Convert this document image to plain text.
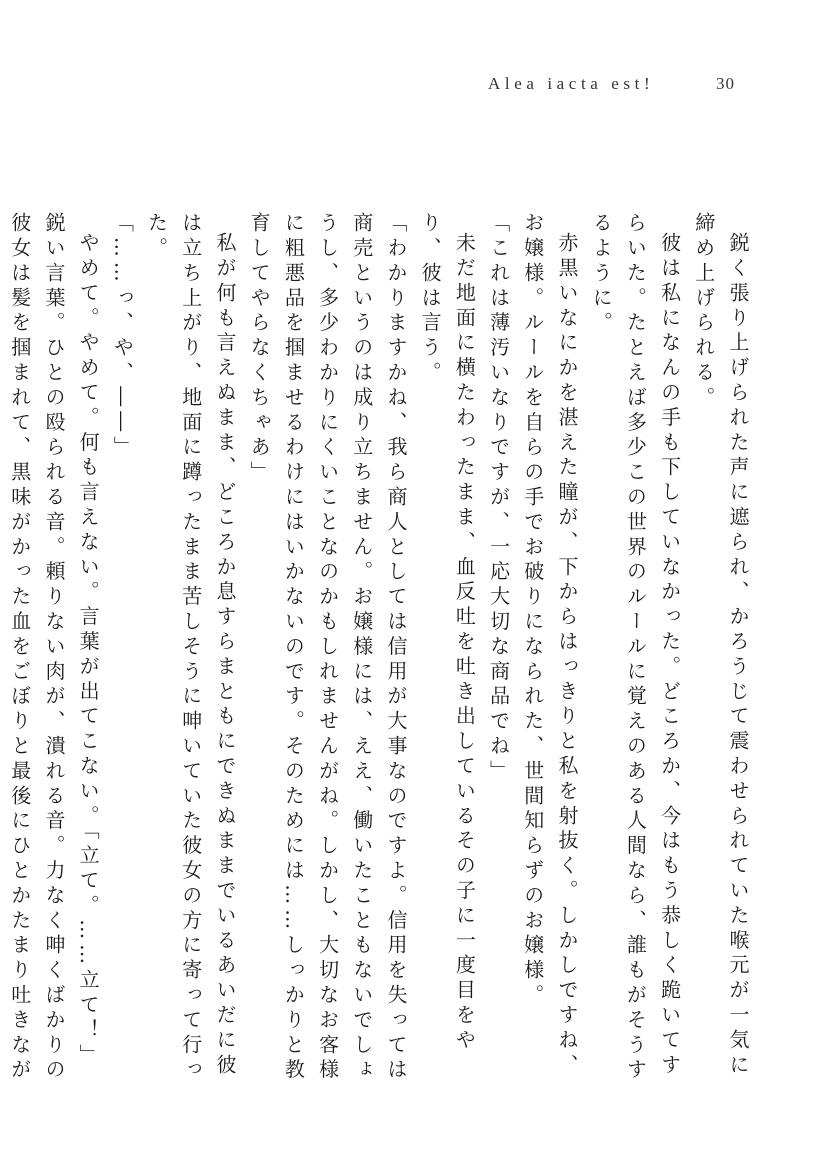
Alea iacta est!	30

鋭く張り上げられた声に遮られ、かろうじて震わせられていた喉元が一気に締め上げられる。

彼は私になんの手も下していなかった。どころか、今はもう恭しく跪いてすらいた。たとえば多少この世界のルールに覚えのある人間なら、誰もがそうするように。

赤黒いなにかを湛えた瞳が、下からはっきりと私を射抜く。しかしですね、お嬢様。ルールを自らの手でお破りになられた、世間知らずのお嬢様。

「これは薄汚いなりですが、一応大切な商品でね」

未だ地面に横たわったまま、血反吐を吐き出しているその子に一度目をやり、彼は言う。

「わかりますかね、我ら商人としては信用が大事なのですよ。信用を失っては商売というのは成り立ちません。お嬢様には、ええ、働いたこともないでしょうし、多少わかりにくいことなのかもしれませんがね。しかし、大切なお客様に粗悪品を掴ませるわけにはいかないのです。そのためには……しっかりと教育してやらなくちゃあ」

私が何も言えぬまま、どころか息すらまともにできぬままでいるあいだに彼は立ち上がり、地面に蹲ったまま苦しそうに呻いていた彼女の方に寄って行った。

「……っ、や、――」

やめて。やめて。何も言えない。言葉が出てこない。「立て。……立て！」鋭い言葉。ひとの殴られる音。頼りない肉が、潰れる音。力なく呻くばかりの彼女は髪を掴まれて、黒味がかった血をごぼりと最後にひとかたまり吐きなが
